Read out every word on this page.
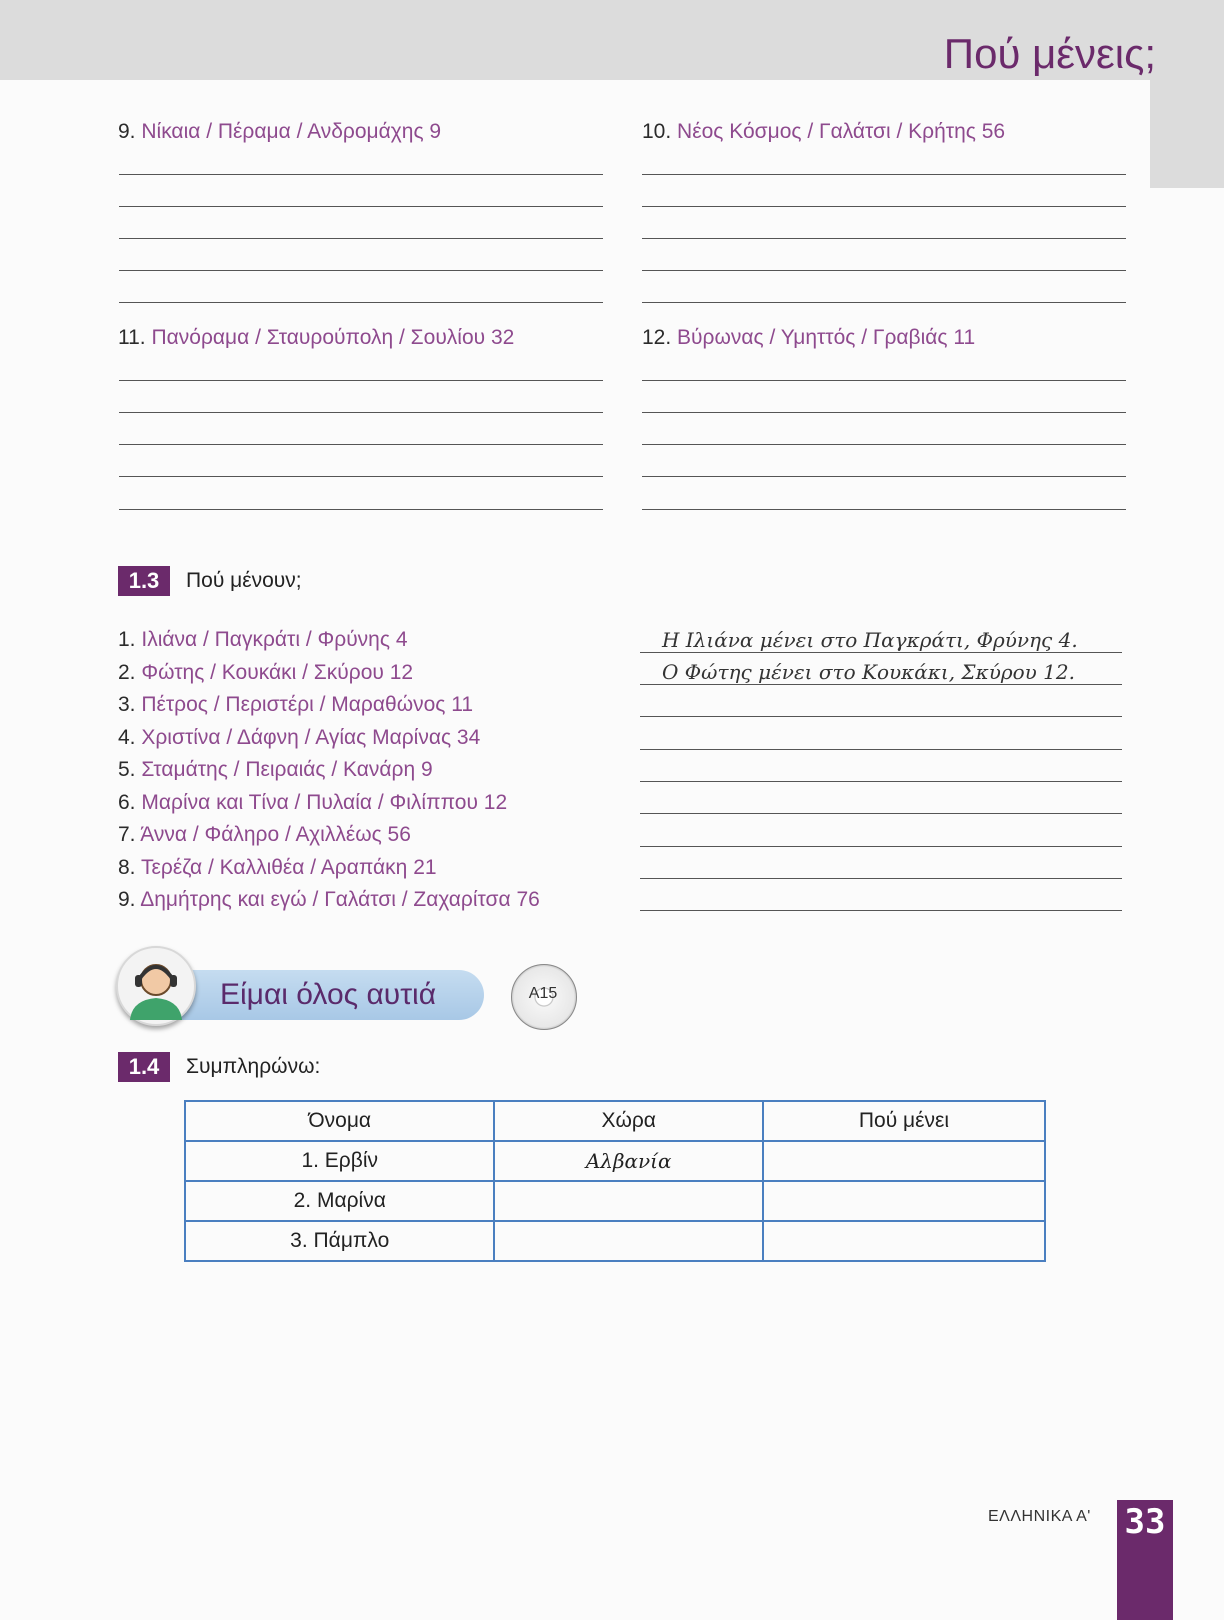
Πού μένεις;
9. Νίκαια / Πέραμα / Ανδρομάχης 9	10. Νέος Κόσμος / Γαλάτσι / Κρήτης 56
11. Πανόραμα / Σταυρούπολη / Σουλίου 32	12. Βύρωνας / Υμηττός / Γραβιάς 11
1.3	Πού μένουν;
1. Ιλιάνα / Παγκράτι / Φρύνης 4
2. Φώτης / Κουκάκι / Σκύρου 12
3. Πέτρος / Περιστέρι / Μαραθώνος 11
4. Χριστίνα / Δάφνη / Αγίας Μαρίνας 34
5. Σταμάτης / Πειραιάς / Κανάρη 9
6. Μαρίνα και Τίνα / Πυλαία / Φιλίππου 12
7. Άννα / Φάληρο / Αχιλλέως 56
8. Τερέζα / Καλλιθέα / Αραπάκη 21
9. Δημήτρης και εγώ / Γαλάτσι / Ζαχαρίτσα 76
Η Ιλιάνα μένει στο Παγκράτι, Φρύνης 4.
Ο Φώτης μένει στο Κουκάκι, Σκύρου 12.
Είμαι όλος αυτιά	A15
1.4	Συμπληρώνω:
Όνομα	Χώρα	Πού μένει
1. Ερβίν	Αλβανία	
2. Μαρίνα		
3. Πάμπλο		
ΕΛΛΗΝΙΚΑ Α' 33
